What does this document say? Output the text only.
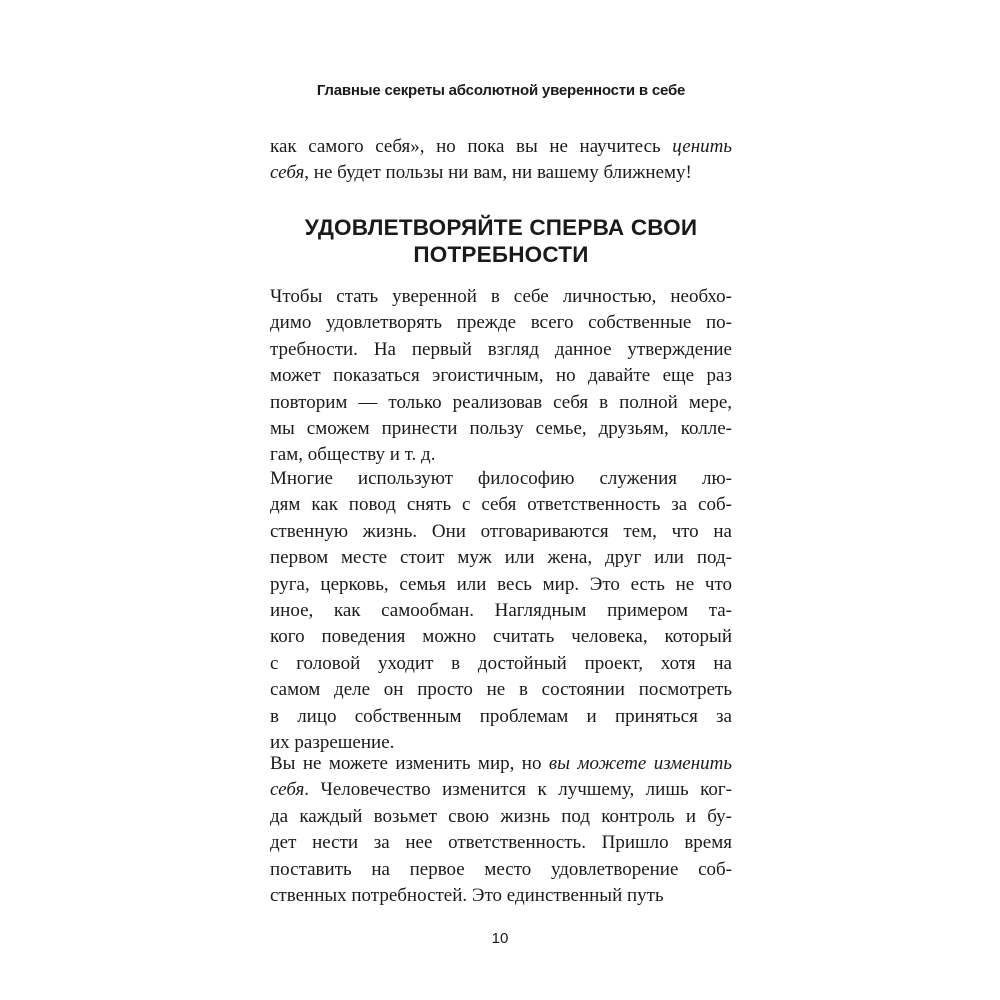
Главные секреты абсолютной уверенности в себе
как самого себя», но пока вы не научитесь ценить
себя, не будет пользы ни вам, ни вашему ближнему!
УДОВЛЕТВОРЯЙТЕ СПЕРВА СВОИ
ПОТРЕБНОСТИ
Чтобы стать уверенной в себе личностью, необхо-
димо удовлетворять прежде всего собственные по-
требности. На первый взгляд данное утверждение
может показаться эгоистичным, но давайте еще раз
повторим — только реализовав себя в полной мере,
мы сможем принести пользу семье, друзьям, колле-
гам, обществу и т. д.
Многие используют философию служения лю-
дям как повод снять с себя ответственность за соб-
ственную жизнь. Они отговариваются тем, что на
первом месте стоит муж или жена, друг или под-
руга, церковь, семья или весь мир. Это есть не что
иное, как самообман. Наглядным примером та-
кого поведения можно считать человека, который
с головой уходит в достойный проект, хотя на
самом деле он просто не в состоянии посмотреть
в лицо собственным проблемам и приняться за
их разрешение.
Вы не можете изменить мир, но вы можете изменить
себя. Человечество изменится к лучшему, лишь ког-
да каждый возьмет свою жизнь под контроль и бу-
дет нести за нее ответственность. Пришло время
поставить на первое место удовлетворение соб-
ственных потребностей. Это единственный путь
10
